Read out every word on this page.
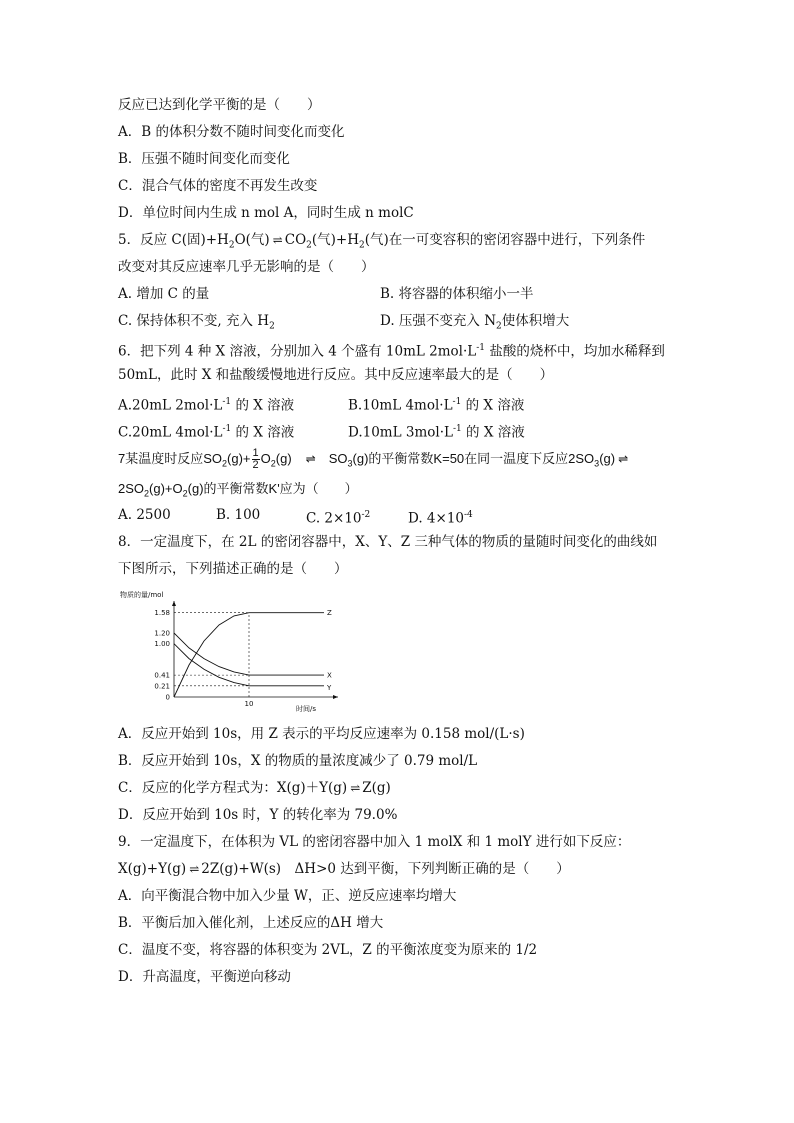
反应已达到化学平衡的是（　　）
A．B 的体积分数不随时间变化而变化
B．压强不随时间变化而变化
C．混合气体的密度不再发生改变
D．单位时间内生成 n mol A，同时生成 n molC
5．反应 C(固)$+H_2O$(气) ⇌ $CO_2$(气)$+H_2$(气)在一可变容积的密闭容器中进行，下列条件
改变对其反应速率几乎无影响的是（　　）
A. 增加 C 的量	B. 将容器的体积缩小一半
C. 保持体积不变, 充入 $H_2$	D. 压强不变充入 $N_2$使体积增大
6．把下列 4 种 X 溶液，分别加入 4 个盛有 10mL $2mol\cdot L^{-1}$ 盐酸的烧杯中，均加水稀释到
50mL，此时 X 和盐酸缓慢地进行反应。其中反应速率最大的是（　　）
A.20mL $2mol\cdot L^{-1}$ 的 X 溶液	B.10mL $4mol\cdot L^{-1}$ 的 X 溶液
C.20mL $4mol\cdot L^{-1}$ 的 X 溶液	D.10mL $3mol\cdot L^{-1}$ 的 X 溶液
7某温度时反应$SO_2(g)+ \frac{1}{2} O_2(g)$ ⇌ $SO_3(g)$的平衡常数K=50在同一温度下反应$2SO_3(g)$ ⇌
$2SO_2(g)+O_2(g)$的平衡常数K'应为（　　）
A. 2500	B. 100	C. $2\times 10^{-2}$	D. $4\times 10^{-4}$
8．一定温度下，在 2L 的密闭容器中，X、Y、Z 三种气体的物质的量随时间变化的曲线如
下图所示，下列描述正确的是（　　）
物质的量/mol
时间/s
1.58
1.20
1.00
0.41
0.21
0
10
Z
X
Y
A．反应开始到 10s，用 Z 表示的平均反应速率为 0.158 mol/(L·s)
B．反应开始到 10s，X 的物质的量浓度减少了 0.79 mol/L
C．反应的化学方程式为：X(g)＋Y(g) ⇌ Z(g)
D．反应开始到 10s 时，Y 的转化率为 79.0%
9．一定温度下，在体积为 VL 的密闭容器中加入 1 molX 和 1 molY 进行如下反应：
X(g)+Y(g) ⇌ 2Z(g)+W(s)　ΔH>0 达到平衡，下列判断正确的是（　　）
A．向平衡混合物中加入少量 W，正、逆反应速率均增大
B．平衡后加入催化剂，上述反应的ΔH 增大
C．温度不变，将容器的体积变为 2VL，Z 的平衡浓度变为原来的 1/2
D．升高温度，平衡逆向移动
